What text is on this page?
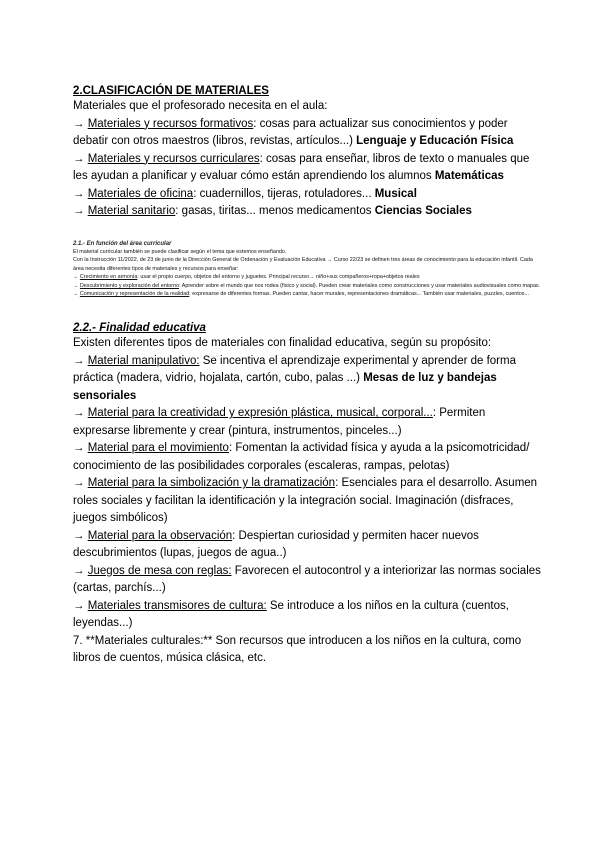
2.CLASIFICACIÓN DE MATERIALES

Materiales que el profesorado necesita en el aula:

→ Materiales y recursos formativos: cosas para actualizar sus conocimientos y poder debatir con otros maestros (libros, revistas, artículos...) Lenguaje y Educación Física

→ Materiales y recursos curriculares: cosas para enseñar, libros de texto o manuales que les ayudan a planificar y evaluar cómo están aprendiendo los alumnos Matemáticas

→ Materiales de oficina: cuadernillos, tijeras, rotuladores... Musical

→ Material sanitario: gasas, tiritas... menos medicamentos Ciencias Sociales

2.1.- En función del área curricular

El material curricular también se puede clasificar según el tema que estemos enseñando.

Con la Instrucción 11/2022, de 23 de junio de la Dirección General de Ordenación y Evaluación Educativa → Curso 22/23 se definen tres áreas de conocimiento para la educación infantil. Cada área necesita diferentes tipos de materiales y recursos para enseñar:

→ Crecimiento en armonía: usar el propio cuerpo, objetos del entorno y juguetes. Principal recurso→ niño+sus compañeros+ropa+objetos reales

→ Descubrimiento y exploración del entorno: Aprender sobre el mundo que nos rodea (físico y social). Pueden crear materiales como construcciones y usar materiales audiovisuales como mapas.

→ Comunicación y representación de la realidad: expresarse de diferentes formas. Pueden cantar, hacer murales, representaciones dramáticas... También usar materiales, puzzles, cuentos...

2.2.- Finalidad educativa

Existen diferentes tipos de materiales con finalidad educativa, según su propósito:

→ Material manipulativo: Se incentiva el aprendizaje experimental y aprender de forma práctica (madera, vidrio, hojalata, cartón, cubo, palas ...) Mesas de luz y bandejas sensoriales

→ Material para la creatividad y expresión plástica, musical, corporal...: Permiten expresarse libremente y crear (pintura, instrumentos, pinceles...)

→ Material para el movimiento: Fomentan la actividad física y ayuda a la psicomotricidad/ conocimiento de las posibilidades corporales (escaleras, rampas, pelotas)

→ Material para la simbolización y la dramatización: Esenciales para el desarrollo. Asumen roles sociales y facilitan la identificación y la integración social. Imaginación (disfraces, juegos simbólicos)

→ Material para la observación: Despiertan curiosidad y permiten hacer nuevos descubrimientos (lupas, juegos de agua..)

→ Juegos de mesa con reglas: Favorecen el autocontrol y a interiorizar las normas sociales (cartas, parchís...)

→ Materiales transmisores de cultura: Se introduce a los niños en la cultura (cuentos, leyendas...)

7. **Materiales culturales:** Son recursos que introducen a los niños en la cultura, como libros de cuentos, música clásica, etc.
